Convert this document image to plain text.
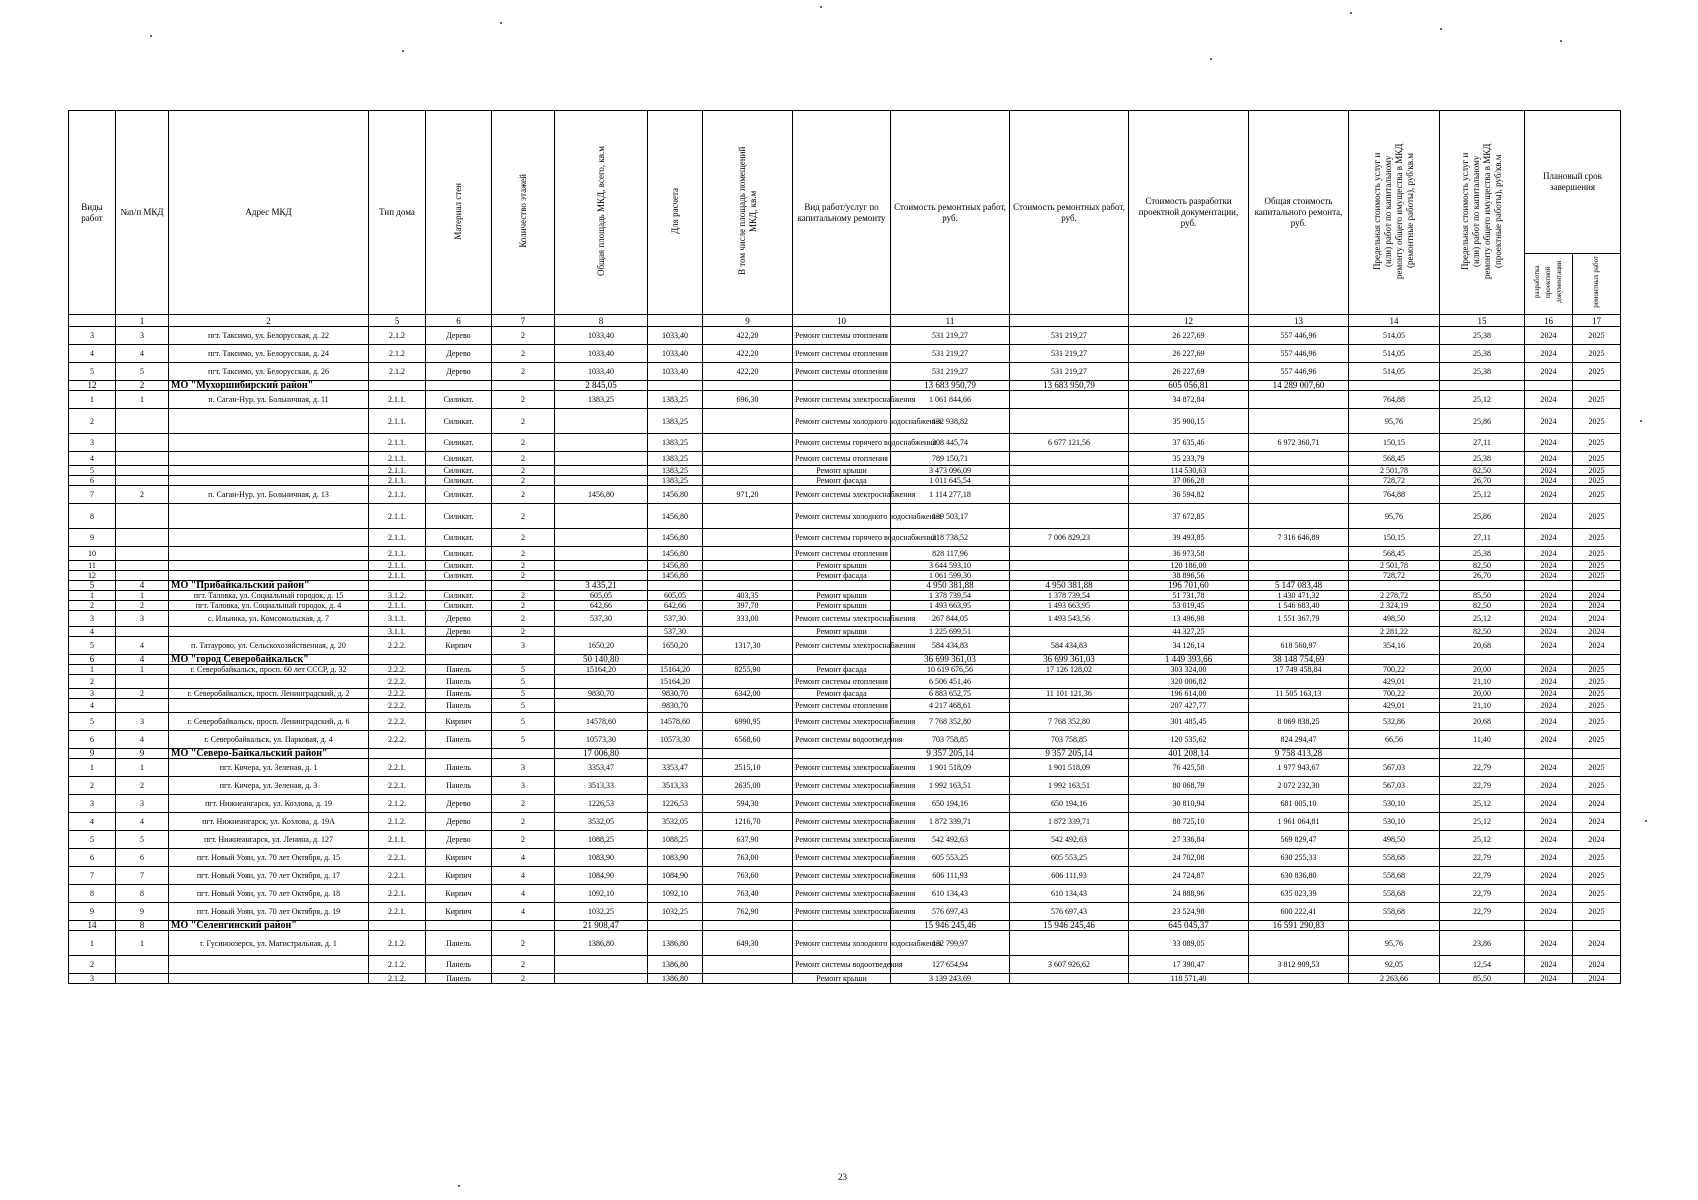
Виды работ	№п/п МКД	Адрес МКД	Тип дома	Материал стен	Количество этажей	Общая площадь МКД, всего, кв.м	Для расчета	В том числе площадь помещений МКД, кв.м	Вид работ/услуг по капитальному ремонту	Стоимость ремонтных работ, руб.	Стоимость ремонтных работ, руб.	Стоимость разработки проектной документации, руб.	Общая стоимость капитального ремонта, руб.	Предельная стоимость услуг и (или) работ по капитальному ремонту общего имущества в МКД (ремонтные работы), руб/кв.м	Предельная стоимость услуг и (или) работ по капитальному ремонту общего имущества в МКД (проектные работы), руб/кв.м	Плановый срок завершения	
																разработка проектной документации	ремонтных работ
	1	2	5	6	7	8		9	10	11		12	13	14	15	16	17
3	3	пгт. Таксимо, ул. Белорусская, д. 22	2.1.2	Дерево	2	1033,40	1033,40	422,20	Ремонт системы отопления	531 219,27	531 219,27	26 227,69	557 446,96	514,05	25,38	2024	2025
4	4	пгт. Таксимо, ул. Белорусская, д. 24	2.1.2	Дерево	2	1033,40	1033,40	422,20	Ремонт системы отопления	531 219,27	531 219,27	26 227,69	557 446,96	514,05	25,38	2024	2025
5	5	пгт. Таксимо, ул. Белорусская, д. 26	2.1.2	Дерево	2	1033,40	1033,40	422,20	Ремонт системы отопления	531 219,27	531 219,27	26 227,69	557 446,96	514,05	25,38	2024	2025
12	2	МО "Мухоршибирский район"				2 845,05				13 683 950,79	13 683 950,79	605 056,81	14 289 007,60				
1	1	п. Саган-Нур, ул. Больничная, д. 11	2.1.1.	Силикат.	2	1383,25	1383,25	696,30	Ремонт системы электроснабжения	1 061 844,66		34 872,84		764,88	25,12	2024	2025
2			2.1.1.	Силикат.	2		1383,25		Ремонт системы холодного водоснабжения	132 938,82		35 900,15		95,76	25,86	2024	2025
3			2.1.1.	Силикат.	2		1383,25		Ремонт системы горячего водоснабжения	208 445,74	6 677 121,56	37 635,46	6 972 360,71	150,15	27,11	2024	2025
4			2.1.1.	Силикат.	2		1383,25		Ремонт системы отопления	789 150,71		35 233,79		568,45	25,38	2024	2025
5			2.1.1.	Силикат.	2		1383,25		Ремонт крыши	3 473 096,09		114 530,63		2 501,78	82,50	2024	2025
6			2.1.1.	Силикат.	2		1383,25		Ремонт фасада	1 011 645,54		37 066,28		728,72	26,70	2024	2025
7	2	п. Саган-Нур, ул. Больничная, д. 13	2.1.1.	Силикат.	2	1456,80	1456,80	971,20	Ремонт системы электроснабжения	1 114 277,18		36 594,82		764,88	25,12	2024	2025
8			2.1.1.	Силикат.	2		1456,80		Ремонт системы холодного водоснабжения	139 503,17		37 672,85		95,76	25,86	2024	2025
9			2.1.1.	Силикат.	2		1456,80		Ремонт системы горячего водоснабжения	218 738,52	7 006 829,23	39 493,85	7 316 646,89	150,15	27,11	2024	2025
10			2.1.1.	Силикат.	2		1456,80		Ремонт системы отопления	828 117,96		36 973,58		568,45	25,38	2024	2025
11			2.1.1.	Силикат.	2		1456,80		Ремонт крыши	3 644 593,10		120 186,00		2 501,78	82,50	2024	2025
12			2.1.1.	Силикат.	2		1456,80		Ремонт фасада	1 061 599,30		38 896,56		728,72	26,70	2024	2025
5	4	МО "Прибайкальский район"				3 435,21				4 950 381,88	4 950 381,88	196 701,60	5 147 083,48				
1	1	пгт. Таловка, ул. Социальный городок, д. 15	3.1.2.	Силикат.	2	605,05	605,05	403,35	Ремонт крыши	1 378 739,54	1 378 739,54	51 731,78	1 430 471,32	2 278,72	85,50	2024	2024
2	2	пгт. Таловка, ул. Социальный городок, д. 4	2.1.1.	Силикат.	2	642,66	642,66	397,70	Ремонт крыши	1 493 663,95	1 493 663,95	53 019,45	1 546 683,40	2 324,19	82,50	2024	2024
3	3	с. Ильинка, ул. Комсомольская, д. 7	3.1.1.	Дерево	2	537,30	537,30	333,00	Ремонт системы электроснабжения	267 844,05	1 493 543,56	13 496,98	1 551 367,79	498,50	25,12	2024	2024
4			3.1.1.	Дерево	2		537,30		Ремонт крыши	1 225 699,51		44 327,25		2 281,22	82,50	2024	2024
5	4	п. Татаурово, ул. Сельскохозяйственная, д. 20	2.2.2.	Кирпич	3	1650,20	1650,20	1317,30	Ремонт системы электроснабжения	584 434,83	584 434,83	34 126,14	618 560,97	354,16	20,68	2024	2024
6	4	МО "город Северобайкальск"				50 140,80				36 699 361,03	36 699 361,03	1 449 393,66	38 148 754,69				
1	1	г. Северобайкальск, просп. 60 лет СССР, д. 32	2.2.2.	Панель	5	15164,20	15164,20	8255,90	Ремонт фасада	10 619 676,56	17 126 128,02	303 324,00	17 749 458,84	700,22	20,00	2024	2025
2			2.2.2.	Панель	5		15164,20		Ремонт системы отопления	6 506 451,46		320 006,82		429,01	21,10	2024	2025
3	2	г. Северобайкальск, просп. Ленинградский, д. 2	2.2.2.	Панель	5	9830,70	9830,70	6342,00	Ремонт фасада	6 883 652,75	11 101 121,36	196 614,00	11 505 163,13	700,22	20,00	2024	2025
4			2.2.2.	Панель	5		9830,70		Ремонт системы отопления	4 217 468,61		207 427,77		429,01	21,10	2024	2025
5	3	г. Северобайкальск, просп. Ленинградский, д. 6	2.2.2.	Кирпич	5	14578,60	14578,60	6990,95	Ремонт системы электроснабжения	7 768 352,80	7 768 352,80	301 485,45	8 069 838,25	532,86	20,68	2024	2025
6	4	г. Северобайкальск, ул. Парковая, д. 4	2.2.2.	Панель	5	10573,30	10573,30	6568,60	Ремонт системы водоотведения	703 758,85	703 758,85	120 535,62	824 294,47	66,56	11,40	2024	2025
9	9	МО "Северо-Байкальский район"				17 006,80				9 357 205,14	9 357 205,14	401 208,14	9 758 413,28				
1	1	пгт. Кичера, ул. Зеленая, д. 1	2.2.1.	Панель	3	3353,47	3353,47	2515,10	Ремонт системы электроснабжения	1 901 518,09	1 901 518,09	76 425,58	1 977 943,67	567,03	22,79	2024	2025
2	2	пгт. Кичера, ул. Зеленая, д. 3	2.2.1.	Панель	3	3513,33	3513,33	2635,00	Ремонт системы электроснабжения	1 992 163,51	1 992 163,51	80 068,79	2 072 232,30	567,03	22,79	2024	2025
3	3	пгт. Нижнеангарск, ул. Козлова, д. 19	2.1.2.	Дерево	2	1226,53	1226,53	594,30	Ремонт системы электроснабжения	650 194,16	650 194,16	30 810,94	681 005,10	530,10	25,12	2024	2024
4	4	пгт. Нижнеангарск, ул. Козлова, д. 19А	2.1.2.	Дерево	2	3532,05	3532,05	1216,70	Ремонт системы электроснабжения	1 872 339,71	1 872 339,71	88 725,10	1 961 064,81	530,10	25,12	2024	2024
5	5	пгт. Нижнеангарск, ул. Ленина, д. 127	2.1.1.	Дерево	2	1088,25	1088,25	637,90	Ремонт системы электроснабжения	542 492,63	542 492,63	27 336,84	569 829,47	498,50	25,12	2024	2024
6	6	пгт. Новый Уоян, ул. 70 лет Октября, д. 15	2.2.1.	Кирпич	4	1083,90	1083,90	763,00	Ремонт системы электроснабжения	605 553,25	605 553,25	24 702,08	630 255,33	558,68	22,79	2024	2025
7	7	пгт. Новый Уоян, ул. 70 лет Октября, д. 17	2.2.1.	Кирпич	4	1084,90	1084,90	763,60	Ремонт системы электроснабжения	606 111,93	606 111,93	24 724,87	630 836,80	558,68	22,79	2024	2025
8	8	пгт. Новый Уоян, ул. 70 лет Октября, д. 18	2.2.1.	Кирпич	4	1092,10	1092,10	763,40	Ремонт системы электроснабжения	610 134,43	610 134,43	24 888,96	635 023,39	558,68	22,79	2024	2025
9	9	пгт. Новый Уоян, ул. 70 лет Октября, д. 19	2.2.1.	Кирпич	4	1032,25	1032,25	762,90	Ремонт системы электроснабжения	576 697,43	576 697,43	23 524,98	600 222,41	558,68	22,79	2024	2025
14	8	МО "Селенгинский район"				21 908,47				15 946 245,46	15 946 245,46	645 045,37	16 591 290,83				
1	1	г. Гусиноозерск, ул. Магистральная, д. 1	2.1.2.	Панель	2	1386,80	1386,80	649,30	Ремонт системы холодного водоснабжения	132 799,97		33 089,05		95,76	23,86	2024	2024
2			2.1.2.	Панель	2		1386,80		Ремонт системы водоотведения	127 654,94	3 607 926,62	17 390,47	3 812 909,53	92,05	12,54	2024	2024
3			2.1.2.	Панель	2		1386,80		Ремонт крыши	3 139 243,69		118 571,40		2 263,66	85,50	2024	2024
23
